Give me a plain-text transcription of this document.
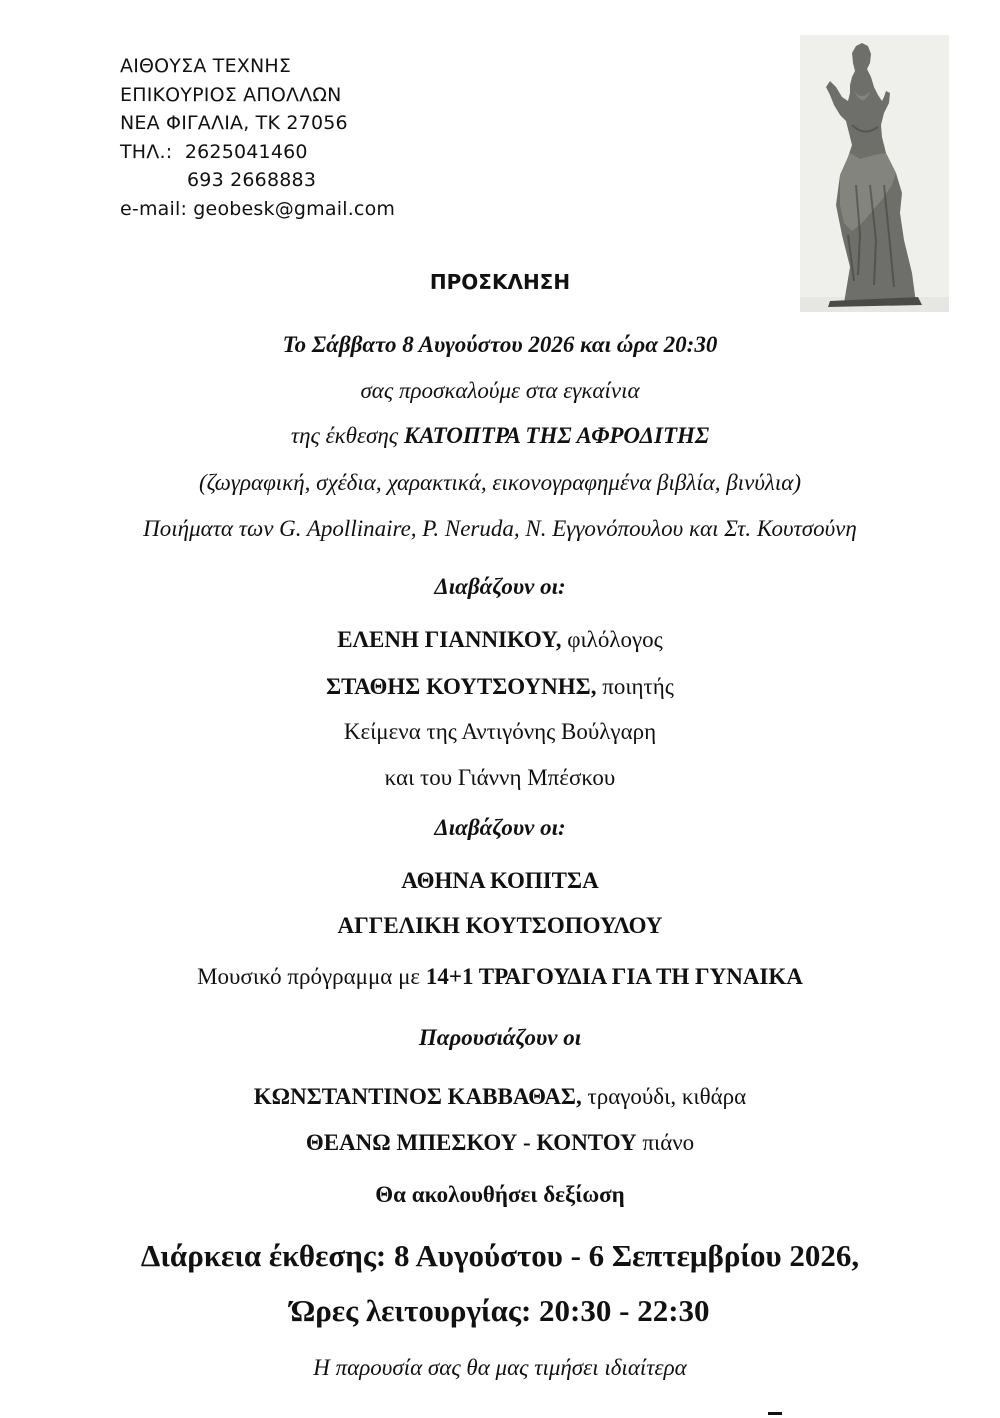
ΑΙΘΟΥΣΑ ΤΕΧΝΗΣ
ΕΠΙΚΟΥΡΙΟΣ ΑΠΟΛΛΩΝ
ΝΕΑ ΦΙΓΑΛΙΑ, ΤΚ 27056
ΤΗΛ.: 2625041460
693 2668883
e-mail: geobesk@gmail.com
ΠΡΟΣΚΛΗΣΗ
Το Σάββατο 8 Αυγούστου 2026 και ώρα 20:30
σας προσκαλούμε στα εγκαίνια
της έκθεσης ΚΑΤΟΠΤΡΑ ΤΗΣ ΑΦΡΟΔΙΤΗΣ
(ζωγραφική, σχέδια, χαρακτικά, εικονογραφημένα βιβλία, βινύλια)
Ποιήματα των G. Apollinaire, P. Neruda, N. Εγγονόπουλου και Στ. Κουτσούνη
Διαβάζουν οι:
ΕΛΕΝΗ ΓΙΑΝΝΙΚΟΥ, φιλόλογος
ΣΤΑΘΗΣ ΚΟΥΤΣΟΥΝΗΣ, ποιητής
Κείμενα της Αντιγόνης Βούλγαρη
και του Γιάννη Μπέσκου
Διαβάζουν οι:
ΑΘΗΝΑ ΚΟΠΙΤΣΑ
ΑΓΓΕΛΙΚΗ ΚΟΥΤΣΟΠΟΥΛΟΥ
Μουσικό πρόγραμμα με 14+1 ΤΡΑΓΟΥΔΙΑ ΓΙΑ ΤΗ ΓΥΝΑΙΚΑ
Παρουσιάζουν οι
ΚΩΝΣΤΑΝΤΙΝΟΣ ΚΑΒΒΑΘΑΣ, τραγούδι, κιθάρα
ΘΕΑΝΩ ΜΠΕΣΚΟΥ - ΚΟΝΤΟΥ πιάνο
Θα ακολουθήσει δεξίωση
Διάρκεια έκθεσης: 8 Αυγούστου - 6 Σεπτεμβρίου 2026,
Ώρες λειτουργίας: 20:30 - 22:30
Η παρουσία σας θα μας τιμήσει ιδιαίτερα
